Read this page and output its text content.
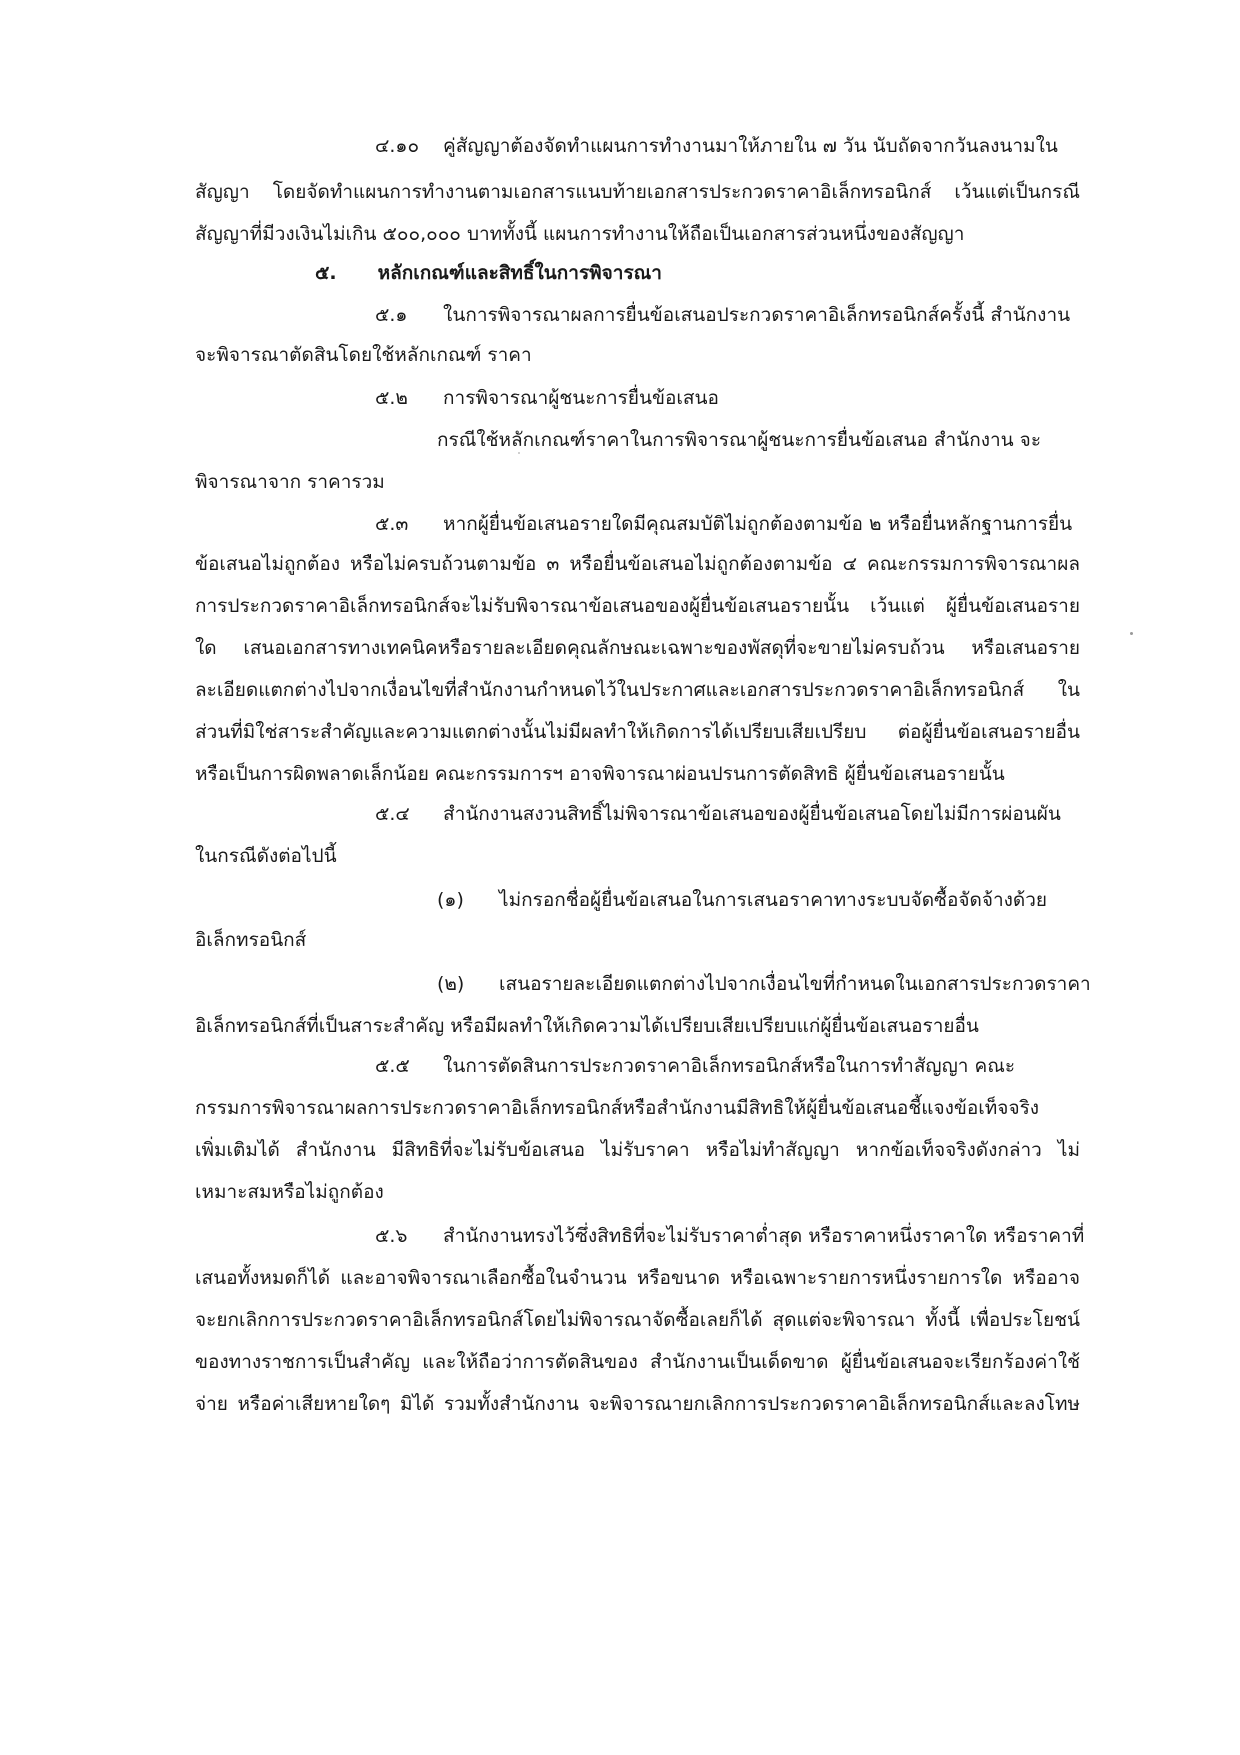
๔.๑๐ คู่สัญญาต้องจัดทำแผนการทำงานมาให้ภายใน ๗ วัน นับถัดจากวันลงนามใน
สัญญา โดยจัดทำแผนการทำงานตามเอกสารแนบท้ายเอกสารประกวดราคาอิเล็กทรอนิกส์ เว้นแต่เป็นกรณี
สัญญาที่มีวงเงินไม่เกิน ๕๐๐,๐๐๐ บาททั้งนี้ แผนการทำงานให้ถือเป็นเอกสารส่วนหนึ่งของสัญญา
๕. หลักเกณฑ์และสิทธิ์ในการพิจารณา
๕.๑ ในการพิจารณาผลการยื่นข้อเสนอประกวดราคาอิเล็กทรอนิกส์ครั้งนี้ สำนักงาน
จะพิจารณาตัดสินโดยใช้หลักเกณฑ์ ราคา
๕.๒ การพิจารณาผู้ชนะการยื่นข้อเสนอ
กรณีใช้หลักเกณฑ์ราคาในการพิจารณาผู้ชนะการยื่นข้อเสนอ สำนักงาน จะ
พิจารณาจาก ราคารวม
๕.๓ หากผู้ยื่นข้อเสนอรายใดมีคุณสมบัติไม่ถูกต้องตามข้อ ๒ หรือยื่นหลักฐานการยื่น
ข้อเสนอไม่ถูกต้อง หรือไม่ครบถ้วนตามข้อ ๓ หรือยื่นข้อเสนอไม่ถูกต้องตามข้อ ๔ คณะกรรมการพิจารณาผล
การประกวดราคาอิเล็กทรอนิกส์จะไม่รับพิจารณาข้อเสนอของผู้ยื่นข้อเสนอรายนั้น เว้นแต่ ผู้ยื่นข้อเสนอราย
ใด เสนอเอกสารทางเทคนิคหรือรายละเอียดคุณลักษณะเฉพาะของพัสดุที่จะขายไม่ครบถ้วน หรือเสนอราย
ละเอียดแตกต่างไปจากเงื่อนไขที่สำนักงานกำหนดไว้ในประกาศและเอกสารประกวดราคาอิเล็กทรอนิกส์ ใน
ส่วนที่มิใช่สาระสำคัญและความแตกต่างนั้นไม่มีผลทำให้เกิดการได้เปรียบเสียเปรียบ ต่อผู้ยื่นข้อเสนอรายอื่น
หรือเป็นการผิดพลาดเล็กน้อย คณะกรรมการฯ อาจพิจารณาผ่อนปรนการตัดสิทธิ ผู้ยื่นข้อเสนอรายนั้น
๕.๔ สำนักงานสงวนสิทธิ์ไม่พิจารณาข้อเสนอของผู้ยื่นข้อเสนอโดยไม่มีการผ่อนผัน
ในกรณีดังต่อไปนี้
(๑) ไม่กรอกชื่อผู้ยื่นข้อเสนอในการเสนอราคาทางระบบจัดซื้อจัดจ้างด้วย
อิเล็กทรอนิกส์
(๒) เสนอรายละเอียดแตกต่างไปจากเงื่อนไขที่กำหนดในเอกสารประกวดราคา
อิเล็กทรอนิกส์ที่เป็นสาระสำคัญ หรือมีผลทำให้เกิดความได้เปรียบเสียเปรียบแก่ผู้ยื่นข้อเสนอรายอื่น
๕.๕ ในการตัดสินการประกวดราคาอิเล็กทรอนิกส์หรือในการทำสัญญา คณะ
กรรมการพิจารณาผลการประกวดราคาอิเล็กทรอนิกส์หรือสำนักงานมีสิทธิให้ผู้ยื่นข้อเสนอชี้แจงข้อเท็จจริง
เพิ่มเติมได้ สำนักงาน มีสิทธิที่จะไม่รับข้อเสนอ ไม่รับราคา หรือไม่ทำสัญญา หากข้อเท็จจริงดังกล่าว ไม่
เหมาะสมหรือไม่ถูกต้อง
๕.๖ สำนักงานทรงไว้ซึ่งสิทธิที่จะไม่รับราคาต่ำสุด หรือราคาหนึ่งราคาใด หรือราคาที่
เสนอทั้งหมดก็ได้ และอาจพิจารณาเลือกซื้อในจำนวน หรือขนาด หรือเฉพาะรายการหนึ่งรายการใด หรืออาจ
จะยกเลิกการประกวดราคาอิเล็กทรอนิกส์โดยไม่พิจารณาจัดซื้อเลยก็ได้ สุดแต่จะพิจารณา ทั้งนี้ เพื่อประโยชน์
ของทางราชการเป็นสำคัญ และให้ถือว่าการตัดสินของ สำนักงานเป็นเด็ดขาด ผู้ยื่นข้อเสนอจะเรียกร้องค่าใช้
จ่าย หรือค่าเสียหายใดๆ มิได้ รวมทั้งสำนักงาน จะพิจารณายกเลิกการประกวดราคาอิเล็กทรอนิกส์และลงโทษ
